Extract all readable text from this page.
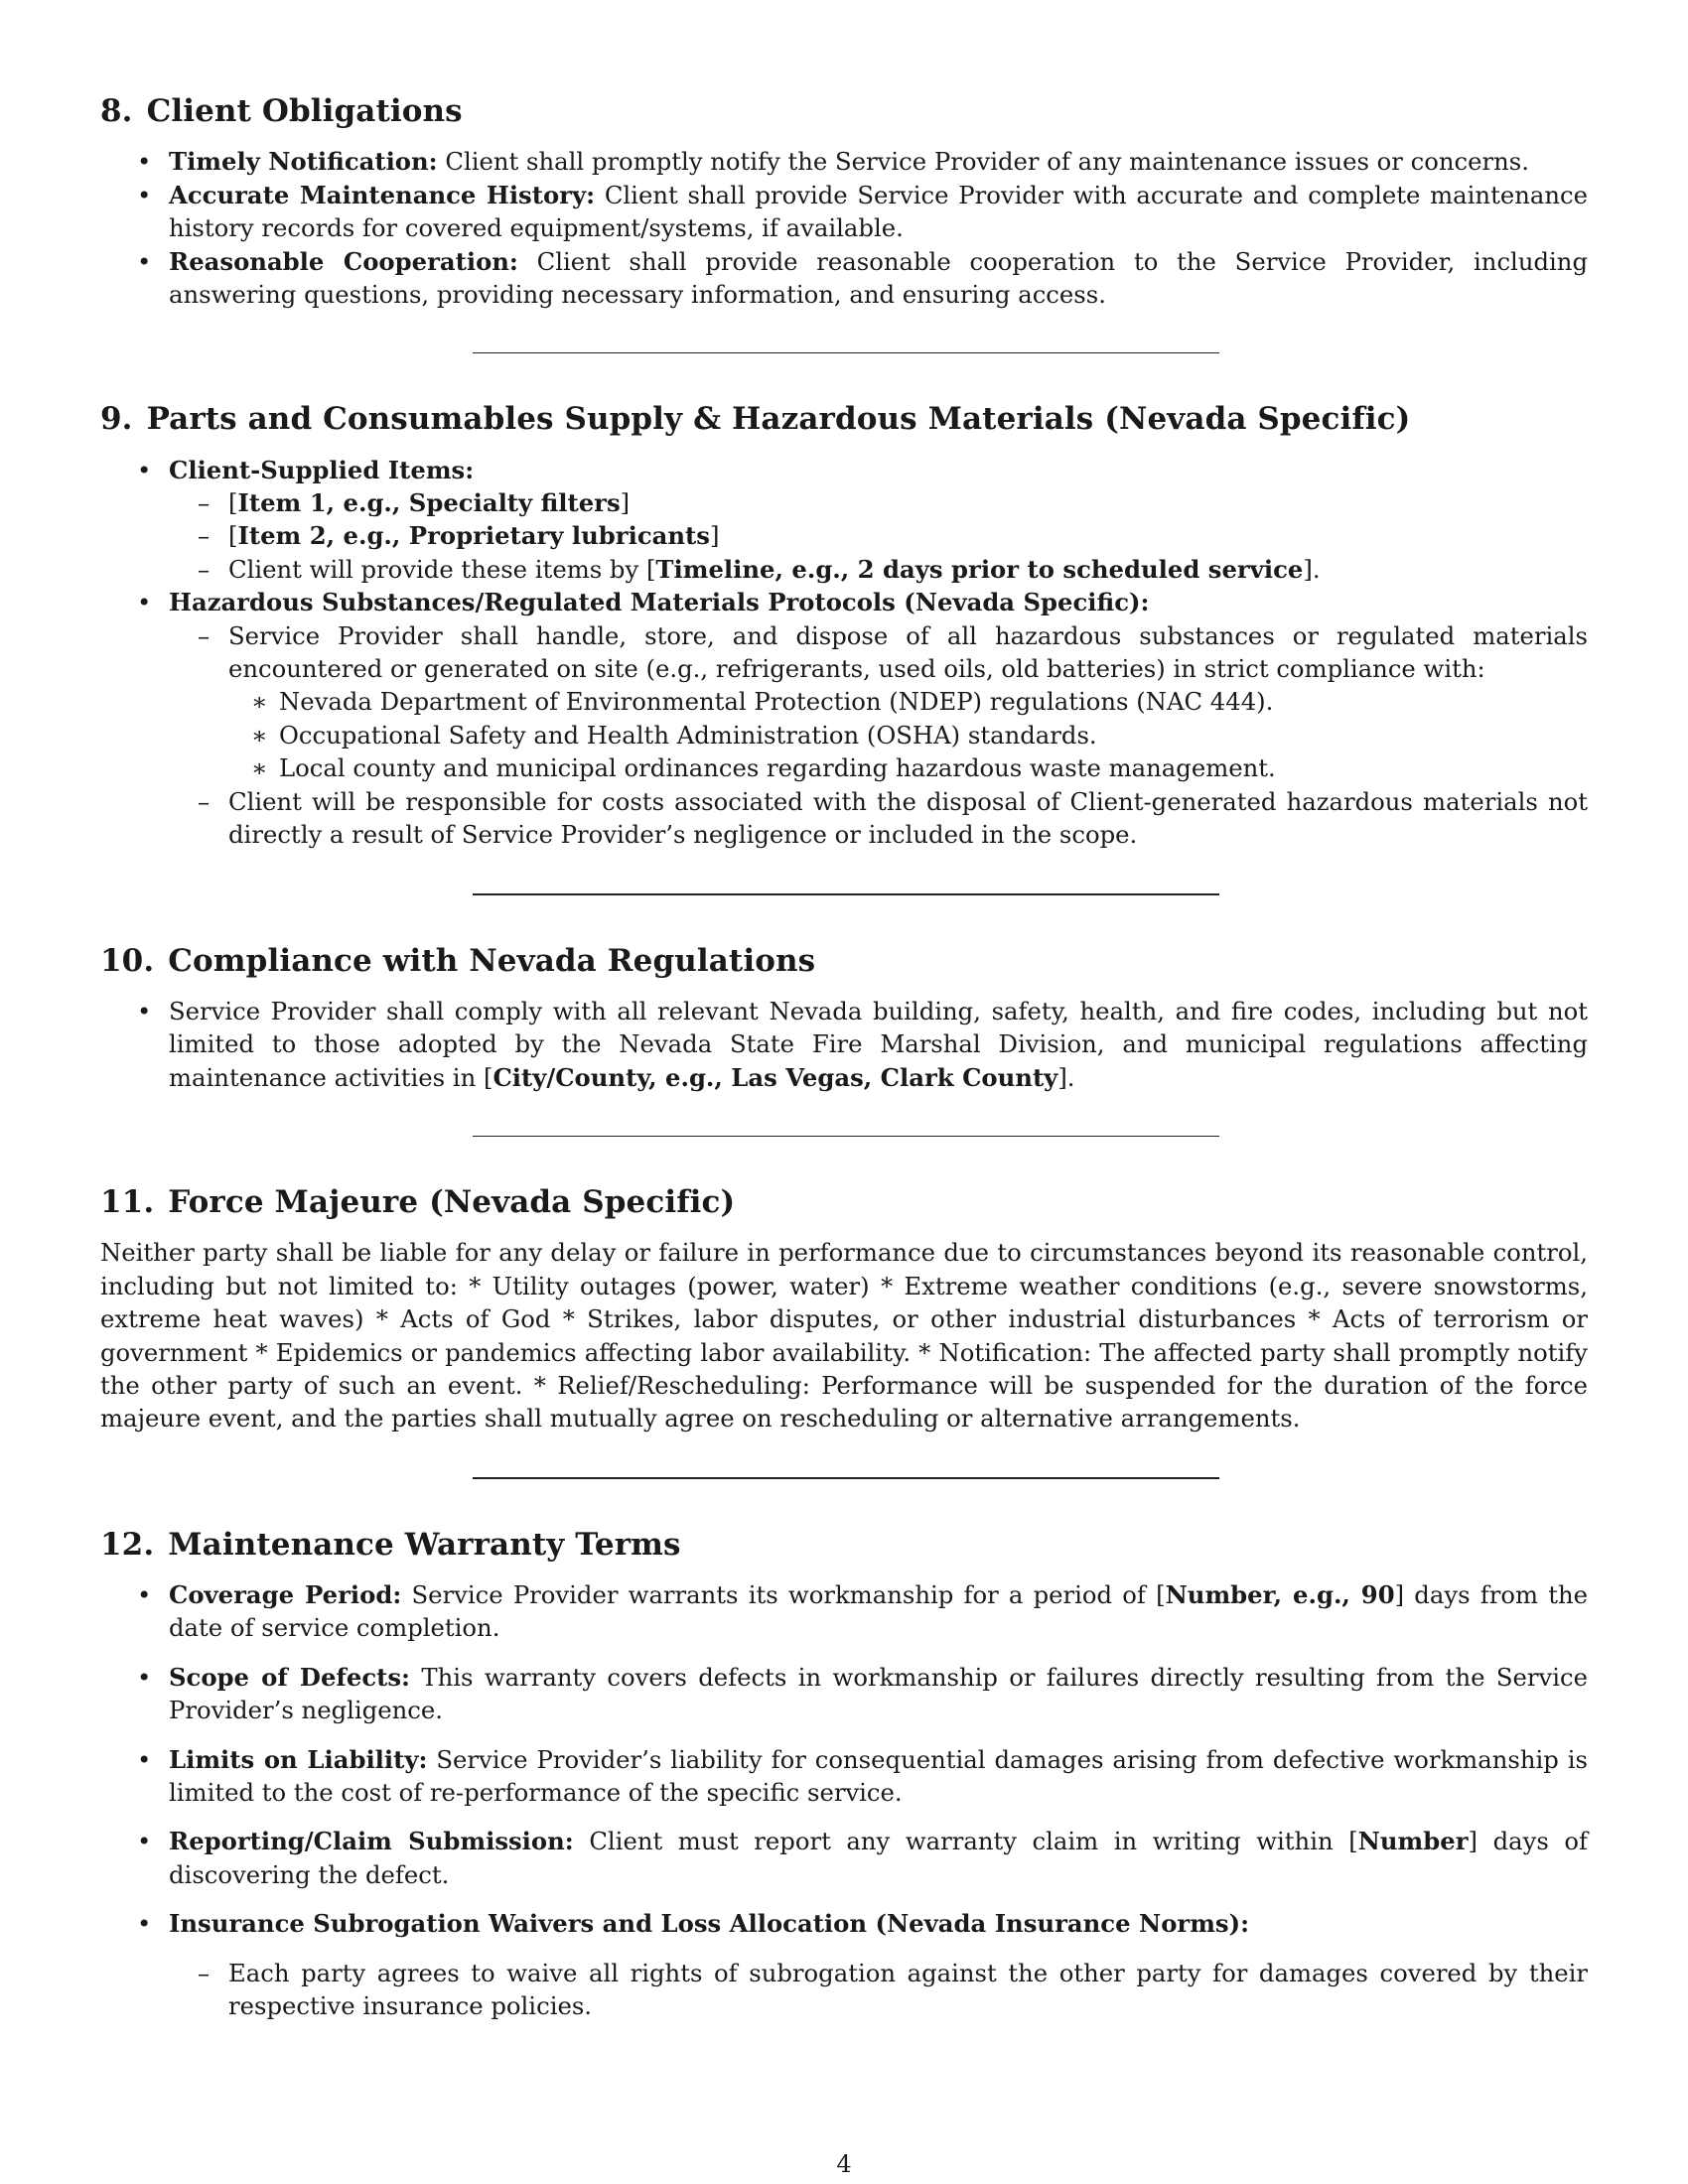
8. Client Obligations
• Timely Notification: Client shall promptly notify the Service Provider of any maintenance issues or concerns.
• Accurate Maintenance History: Client shall provide Service Provider with accurate and complete maintenance history records for covered equipment/systems, if available.
• Reasonable Cooperation: Client shall provide reasonable cooperation to the Service Provider, including answering questions, providing necessary information, and ensuring access.
9. Parts and Consumables Supply & Hazardous Materials (Nevada Specific)
• Client-Supplied Items:
– [Item 1, e.g., Specialty filters]
– [Item 2, e.g., Proprietary lubricants]
– Client will provide these items by [Timeline, e.g., 2 days prior to scheduled service].
• Hazardous Substances/Regulated Materials Protocols (Nevada Specific):
– Service Provider shall handle, store, and dispose of all hazardous substances or regulated materials encountered or generated on site (e.g., refrigerants, used oils, old batteries) in strict compliance with:
∗ Nevada Department of Environmental Protection (NDEP) regulations (NAC 444).
∗ Occupational Safety and Health Administration (OSHA) standards.
∗ Local county and municipal ordinances regarding hazardous waste management.
– Client will be responsible for costs associated with the disposal of Client-generated hazardous materials not directly a result of Service Provider’s negligence or included in the scope.
10. Compliance with Nevada Regulations
• Service Provider shall comply with all relevant Nevada building, safety, health, and fire codes, including but not limited to those adopted by the Nevada State Fire Marshal Division, and municipal regulations affecting maintenance activities in [City/County, e.g., Las Vegas, Clark County].
11. Force Majeure (Nevada Specific)

Neither party shall be liable for any delay or failure in performance due to circumstances beyond its reasonable control, including but not limited to: * Utility outages (power, water) * Extreme weather conditions (e.g., severe snowstorms, extreme heat waves) * Acts of God * Strikes, labor disputes, or other industrial disturbances * Acts of terrorism or government * Epidemics or pandemics affecting labor availability. * Notification: The affected party shall promptly notify the other party of such an event. * Relief/Rescheduling: Performance will be suspended for the duration of the force majeure event, and the parties shall mutually agree on rescheduling or alternative arrangements.

12. Maintenance Warranty Terms
• Coverage Period: Service Provider warrants its workmanship for a period of [Number, e.g., 90] days from the date of service completion.
• Scope of Defects: This warranty covers defects in workmanship or failures directly resulting from the Service Provider’s negligence.
• Limits on Liability: Service Provider’s liability for consequential damages arising from defective workmanship is limited to the cost of re-performance of the specific service.
• Reporting/Claim Submission: Client must report any warranty claim in writing within [Number] days of discovering the defect.
• Insurance Subrogation Waivers and Loss Allocation (Nevada Insurance Norms):
– Each party agrees to waive all rights of subrogation against the other party for damages covered by their respective insurance policies.
4
